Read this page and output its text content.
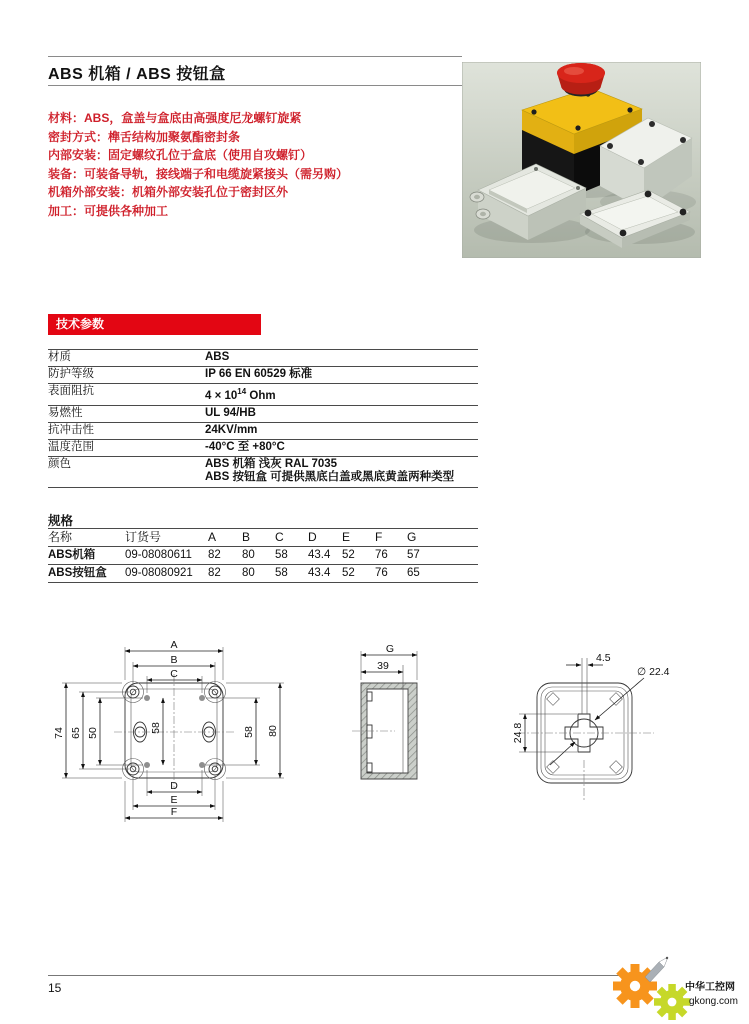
ABS 机箱 / ABS 按钮盒
材料：ABS，盒盖与盒底由高强度尼龙螺钉旋紧
密封方式：榫舌结构加聚氨酯密封条
内部安装：固定螺纹孔位于盒底（使用自攻螺钉）
装备：可装备导轨，接线端子和电缆旋紧接头（需另购）
机箱外部安装：机箱外部安装孔位于密封区外
加工：可提供各种加工
技术参数
材质	ABS
防护等级	IP 66 EN 60529 标准
表面阻抗	$4 \times 10^{14}$ Ohm
易燃性	UL 94/HB
抗冲击性	24KV/mm
温度范围	-40°C 至 +80°C
颜色	ABS 机箱 浅灰 RAL 7035
ABS 按钮盒 可提供黑底白盖或黑底黄盖两种类型
规格
名称	订货号	A	B	C	D	E	F	G
ABS机箱	09-08080611	82	80	58	43.4	52	76	57
ABS按钮盒	09-08080921	82	80	58	43.4	52	76	65
A
B
C
74 65 50	58	58 80
D
E
F
G
39
4.5
∅ 22.4
24.8
15	中华工控网
gkong.com
